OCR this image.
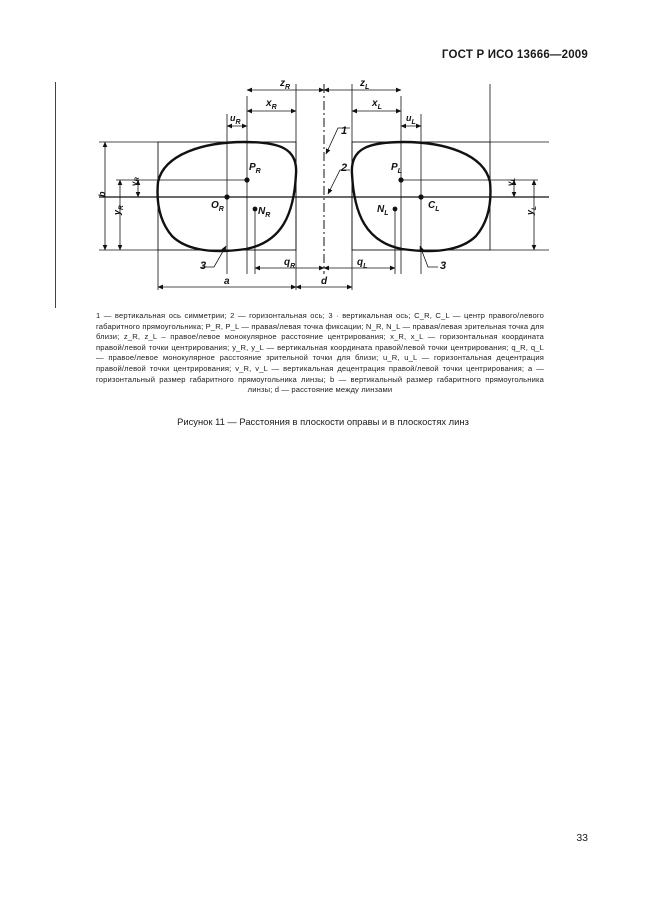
ГОСТ Р ИСО 13666—2009
$z_R$	$z_L$
$x_R$	$x_L$
$u_R$	$u_L$
$P_R$	$P_L$
$O_R$	$C_L$
$N_R$
$N_L$
b
$y_R$
$v_R$
$v_L$
$y_L$
$q_R$	$q_L$
a	d
1
2
3	3

1 — вертикальная ось симметрии; 2 — горизонтальная ось; 3 · вертикальная ось; C_R, C_L — центр правого/левого габаритного прямоугольника; P_R, P_L — правая/левая точка фиксации; N_R, N_L — правая/левая зрительная точка для близи; z_R, z_L – правое/левое монокулярное расстояние центрирования; x_R, x_L — горизонтальная координата правой/левой точки центрирования; y_R, y_L — вертикальная координата правой/левой точки центрирования; q_R, q_L — правое/левое монокулярное расстояние зрительной точки для близи; u_R, u_L — горизонтальная децентрация правой/левой точки центрирования; v_R, v_L — вертикальная децентрация правой/левой точки центрирования; a — горизонтальный размер габаритного прямоугольника линзы; b — вертикальный размер габаритного прямоугольника линзы; d — расстояние между линзами

Рисунок 11 — Расстояния в плоскости оправы и в плоскостях линз
33
